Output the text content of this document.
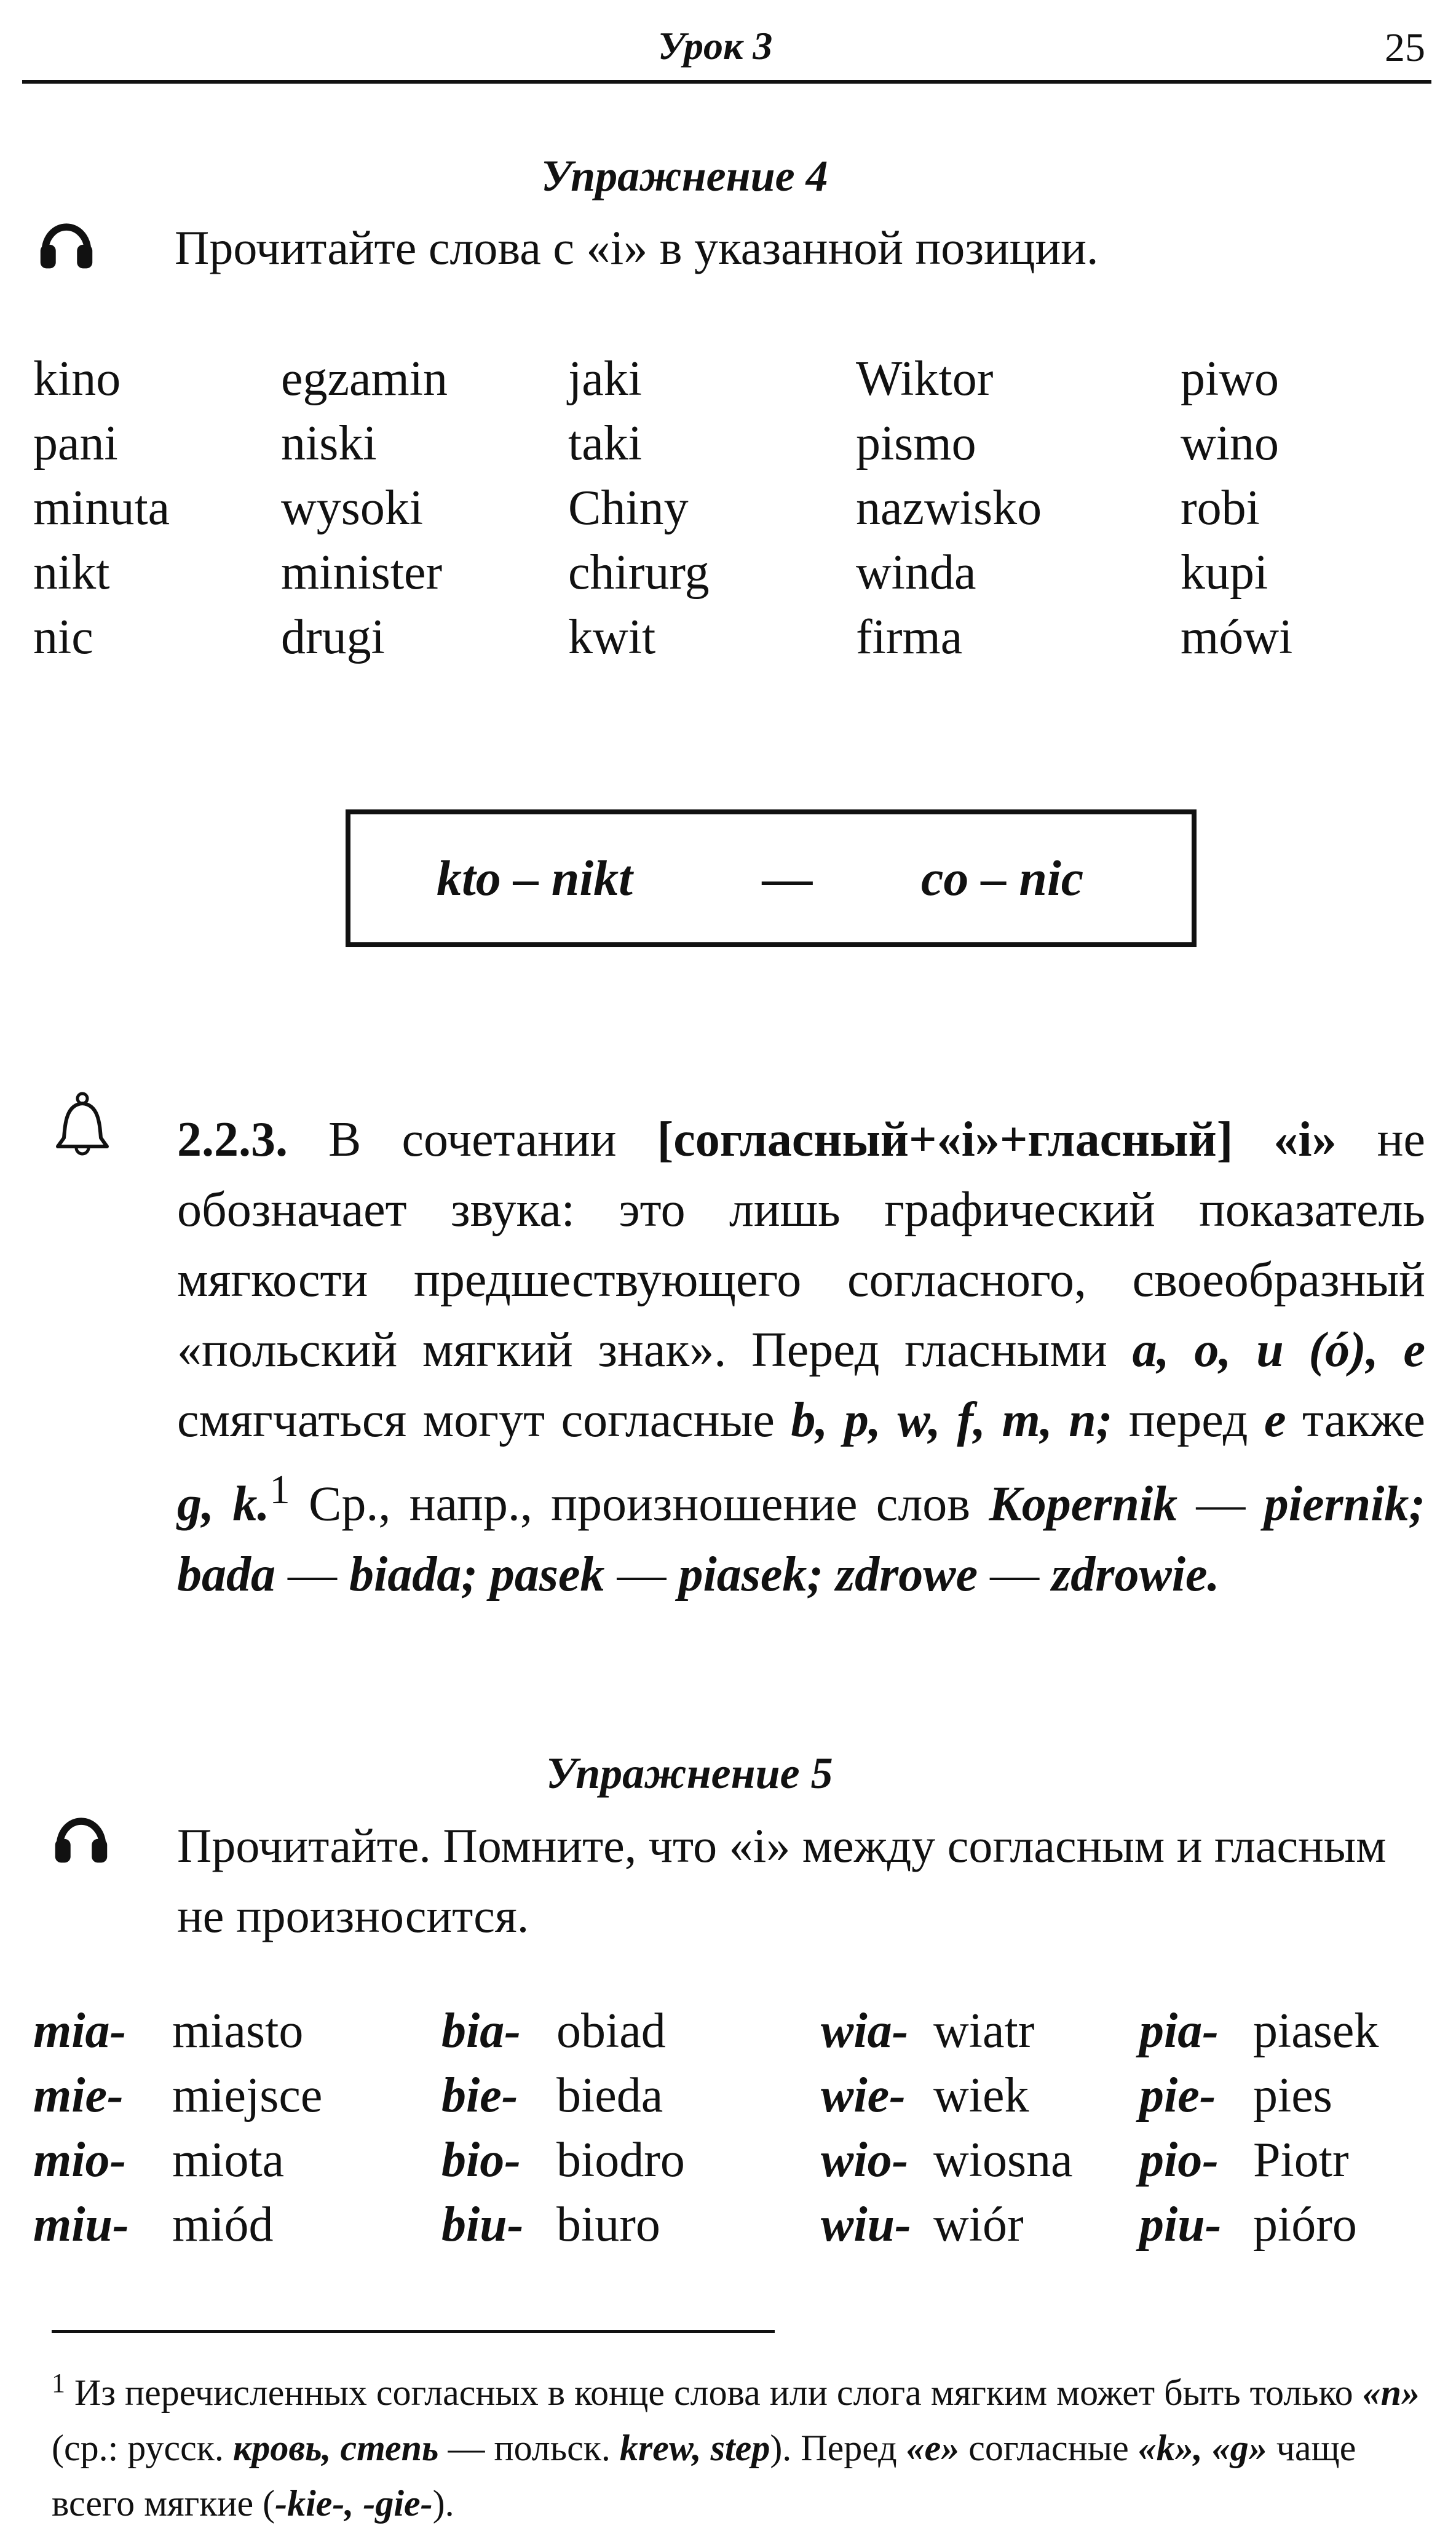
Урок 3	25
Упражнение 4
Прочитайте слова с «i» в указанной позиции.
kino	egzamin	jaki	Wiktor	piwo
pani	niski	taki	pismo	wino
minuta	wysoki	Chiny	nazwisko	robi
nikt	minister	chirurg	winda	kupi
nic	drugi	kwit	firma	mówi
kto – nikt	— co – nic
2.2.3. В сочетании [согласный+«i»+гласный] «i» не обозначает звука: это лишь графический показатель мягкости предшествующего согласного, своеобразный «польский мягкий знак». Перед гласными a, o, u (ó), e смягчаться могут согласные b, p, w, f, m, n; перед e также g, k.$^1$ Ср., напр., произношение слов Kopernik — piernik; bada — biada; pasek — piasek; zdrowe — zdrowie.
Упражнение 5
Прочитайте. Помните, что «i» между согласным и гласным не произносится.
mia-	miasto	bia-	obiad	wia-	wiatr	pia-	piasek
mie-	miejsce	bie-	bieda	wie-	wiek	pie-	pies
mio-	miota	bio-	biodro	wio-	wiosna	pio-	Piotr
miu-	miód	biu-	biuro	wiu-	wiór	piu-	pióro
$^1$ Из перечисленных согласных в конце слова или слога мягким может быть только «n» (ср.: русск. кровь, степь — польск. krew, step). Перед «e» согласные «k», «g» чаще всего мягкие (-kie-, -gie-).
